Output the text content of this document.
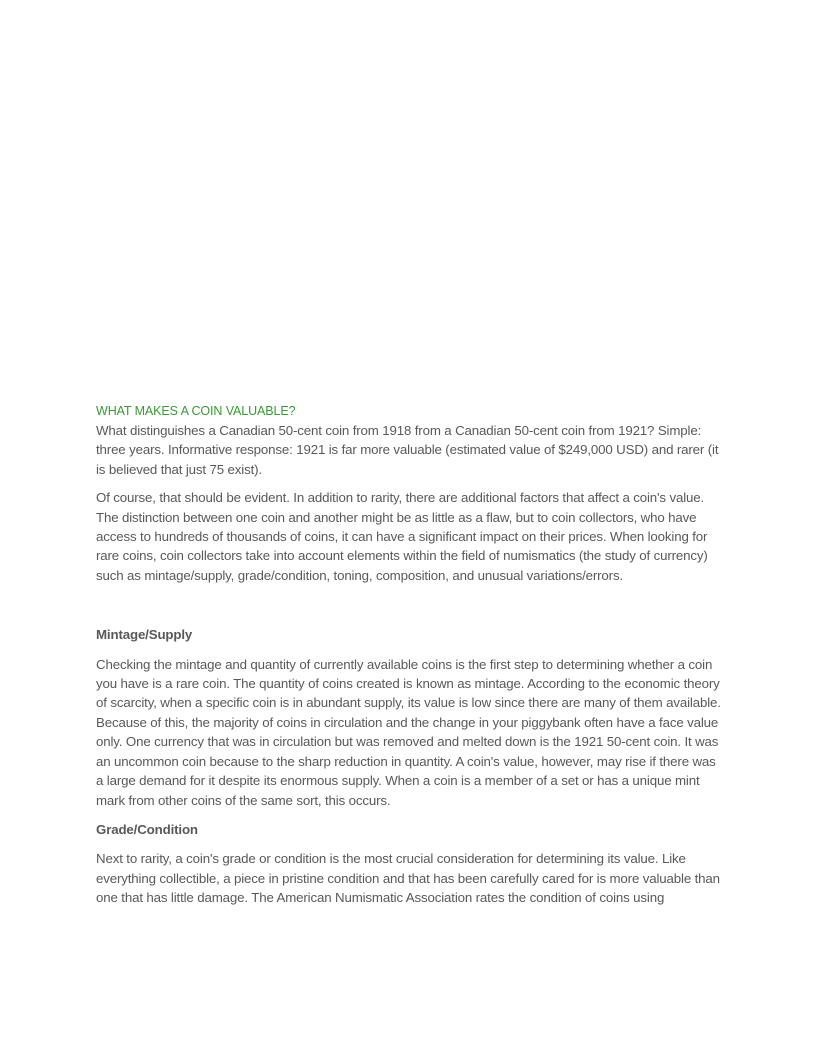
WHAT MAKES A COIN VALUABLE?

What distinguishes a Canadian 50-cent coin from 1918 from a Canadian 50-cent coin from 1921? Simple: three years. Informative response: 1921 is far more valuable (estimated value of $249,000 USD) and rarer (it is believed that just 75 exist).

Of course, that should be evident. In addition to rarity, there are additional factors that affect a coin's value. The distinction between one coin and another might be as little as a flaw, but to coin collectors, who have access to hundreds of thousands of coins, it can have a significant impact on their prices. When looking for rare coins, coin collectors take into account elements within the field of numismatics (the study of currency) such as mintage/supply, grade/condition, toning, composition, and unusual variations/errors.

Mintage/Supply

Checking the mintage and quantity of currently available coins is the first step to determining whether a coin you have is a rare coin. The quantity of coins created is known as mintage. According to the economic theory of scarcity, when a specific coin is in abundant supply, its value is low since there are many of them available. Because of this, the majority of coins in circulation and the change in your piggybank often have a face value only. One currency that was in circulation but was removed and melted down is the 1921 50-cent coin. It was an uncommon coin because to the sharp reduction in quantity. A coin's value, however, may rise if there was a large demand for it despite its enormous supply. When a coin is a member of a set or has a unique mint mark from other coins of the same sort, this occurs.

Grade/Condition

Next to rarity, a coin's grade or condition is the most crucial consideration for determining its value. Like everything collectible, a piece in pristine condition and that has been carefully cared for is more valuable than one that has little damage. The American Numismatic Association rates the condition of coins using
